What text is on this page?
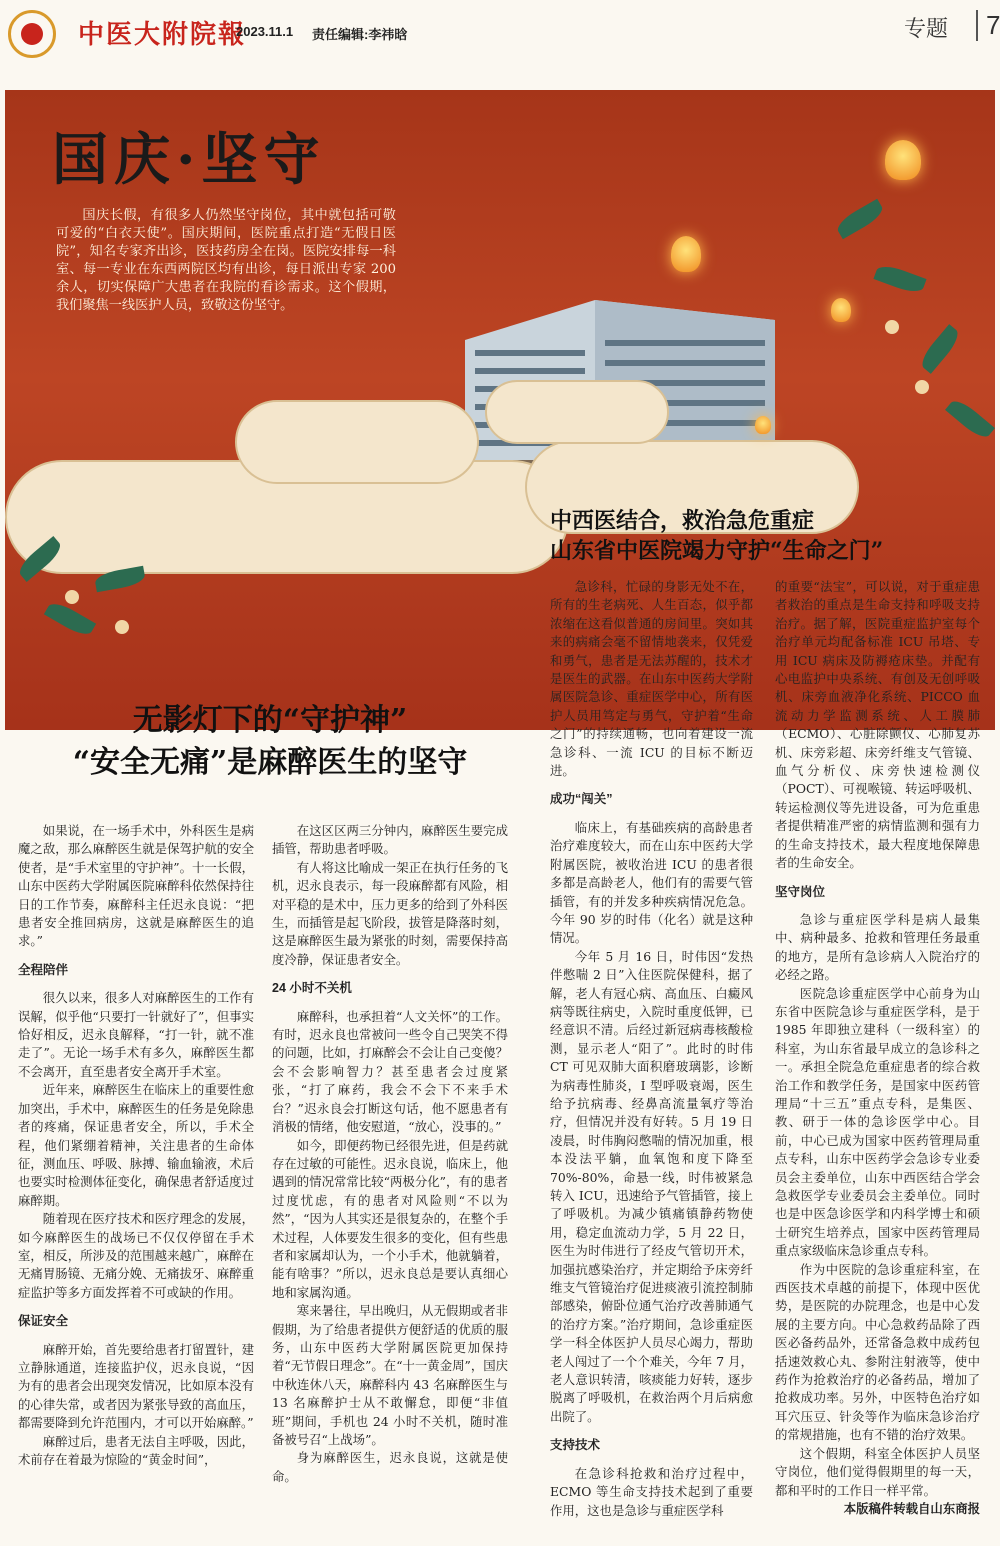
中医大附院報
2023.11.1 责任编辑:李祎晗	专题	7
国庆·坚守
国庆长假，有很多人仍然坚守岗位，其中就包括可敬可爱的“白衣天使”。国庆期间，医院重点打造“无假日医院”，知名专家齐出诊，医技药房全在岗。医院安排每一科室、每一专业在东西两院区均有出诊，每日派出专家 200 余人，切实保障广大患者在我院的看诊需求。这个假期，我们聚焦一线医护人员，致敬这份坚守。
中西医结合，救治急危重症
山东省中医院竭力守护“生命之门”
无影灯下的“守护神”
“安全无痛”是麻醉医生的坚守

如果说，在一场手术中，外科医生是病魔之敌，那么麻醉医生就是保驾护航的安全使者，是“手术室里的守护神”。十一长假，山东中医药大学附属医院麻醉科依然保持往日的工作节奏，麻醉科主任迟永良说：“把患者安全推回病房，这就是麻醉医生的追求。”

全程陪伴

很久以来，很多人对麻醉医生的工作有误解，似乎他“只要打一针就好了”，但事实恰好相反，迟永良解释，“打一针，就不准走了”。无论一场手术有多久，麻醉医生都不会离开，直至患者安全离开手术室。

近年来，麻醉医生在临床上的重要性愈加突出，手术中，麻醉医生的任务是免除患者的疼痛，保证患者安全，所以，手术全程，他们紧绷着精神，关注患者的生命体征，测血压、呼吸、脉搏、输血输液，术后也要实时检测体征变化，确保患者舒适度过麻醉期。

随着现在医疗技术和医疗理念的发展，如今麻醉医生的战场已不仅仅停留在手术室，相反，所涉及的范围越来越广，麻醉在无痛胃肠镜、无痛分娩、无痛拔牙、麻醉重症监护等多方面发挥着不可或缺的作用。

保证安全

麻醉开始，首先要给患者打留置针，建立静脉通道，连接监护仪，迟永良说，“因为有的患者会出现突发情况，比如原本没有的心律失常，或者因为紧张导致的高血压，都需要降到允许范围内，才可以开始麻醉。”

麻醉过后，患者无法自主呼吸，因此，术前存在着最为惊险的“黄金时间”，

在这区区两三分钟内，麻醉医生要完成插管，帮助患者呼吸。

有人将这比喻成一架正在执行任务的飞机，迟永良表示，每一段麻醉都有风险，相对平稳的是术中，压力更多的给到了外科医生，而插管是起飞阶段，拔管是降落时刻，这是麻醉医生最为紧张的时刻，需要保持高度冷静，保证患者安全。

24 小时不关机

麻醉科，也承担着“人文关怀”的工作。有时，迟永良也常被问一些令自己哭笑不得的问题，比如，打麻醉会不会让自己变傻？会不会影响智力？甚至患者会过度紧张，“打了麻药，我会不会下不来手术台？”迟永良会打断这句话，他不愿患者有消极的情绪，他安慰道，“放心，没事的。”

如今，即便药物已经很先进，但是药就存在过敏的可能性。迟永良说，临床上，他遇到的情况常常比较“两极分化”，有的患者过度忧虑，有的患者对风险则“不以为然”，“因为人其实还是很复杂的，在整个手术过程，人体要发生很多的变化，但有些患者和家属却认为，一个小手术，他就躺着，能有啥事？”所以，迟永良总是要认真细心地和家属沟通。

寒来暑往，早出晚归，从无假期或者非假期，为了给患者提供方便舒适的优质的服务，山东中医药大学附属医院更加保持着“无节假日理念”。在“十一黄金周”，国庆中秋连休八天，麻醉科内 43 名麻醉医生与 13 名麻醉护士从不敢懈怠，即便“非值班”期间，手机也 24 小时不关机，随时准备被号召“上战场”。

身为麻醉医生，迟永良说，这就是使命。

急诊科，忙碌的身影无处不在，所有的生老病死、人生百态，似乎都浓缩在这看似普通的房间里。突如其来的病痛会毫不留情地袭来，仅凭爱和勇气，患者是无法苏醒的，技术才是医生的武器。在山东中医药大学附属医院急诊、重症医学中心，所有医护人员用笃定与勇气，守护着“生命之门”的持续通畅，也向着建设一流急诊科、一流 ICU 的目标不断迈进。

成功“闯关”

临床上，有基础疾病的高龄患者治疗难度较大，而在山东中医药大学附属医院，被收治进 ICU 的患者很多都是高龄老人，他们有的需要气管插管，有的并发多种疾病情况危急。今年 90 岁的时伟（化名）就是这种情况。

今年 5 月 16 日，时伟因“发热伴憋喘 2 日”入住医院保健科，据了解，老人有冠心病、高血压、白癜风病等既往病史，入院时重度低钾，已经意识不清。后经过新冠病毒核酸检测，显示老人“阳了”。此时的时伟 CT 可见双肺大面积磨玻璃影，诊断为病毒性肺炎，I 型呼吸衰竭，医生给予抗病毒、经鼻高流量氧疗等治疗，但情况并没有好转。5 月 19 日凌晨，时伟胸闷憋喘的情况加重，根本没法平躺，血氧饱和度下降至 70%-80%，命悬一线，时伟被紧急转入 ICU，迅速给予气管插管，接上了呼吸机。为减少镇痛镇静药物使用，稳定血流动力学，5 月 22 日，医生为时伟进行了经皮气管切开术，加强抗感染治疗，并定期给予床旁纤维支气管镜治疗促进痰液引流控制肺部感染，俯卧位通气治疗改善肺通气的治疗方案。”治疗期间，急诊重症医学一科全体医护人员尽心竭力，帮助老人闯过了一个个难关，今年 7 月，老人意识转清，咳痰能力好转，逐步脱离了呼吸机，在救治两个月后病愈出院了。

支持技术

在急诊科抢救和治疗过程中，ECMO 等生命支持技术起到了重要作用，这也是急诊与重症医学科

的重要“法宝”，可以说，对于重症患者救治的重点是生命支持和呼吸支持治疗。据了解，医院重症监护室每个治疗单元均配备标准 ICU 吊塔、专用 ICU 病床及防褥疮床垫。并配有心电监护中央系统、有创及无创呼吸机、床旁血液净化系统、PICCO 血流动力学监测系统、人工膜肺（ECMO）、心脏除颤仪、心肺复苏机、床旁彩超、床旁纤维支气管镜、血气分析仪、床旁快速检测仪（POCT）、可视喉镜、转运呼吸机、转运检测仪等先进设备，可为危重患者提供精准严密的病情监测和强有力的生命支持技术，最大程度地保障患者的生命安全。

坚守岗位

急诊与重症医学科是病人最集中、病种最多、抢救和管理任务最重的地方，是所有急诊病人入院治疗的必经之路。

医院急诊重症医学中心前身为山东省中医院急诊与重症医学科，是于 1985 年即独立建科（一级科室）的科室，为山东省最早成立的急诊科之一。承担全院急危重症患者的综合救治工作和教学任务，是国家中医药管理局“十三五”重点专科，是集医、教、研于一体的急诊医学中心。目前，中心已成为国家中医药管理局重点专科，山东中医药学会急诊专业委员会主委单位，山东中西医结合学会急救医学专业委员会主委单位。同时也是中医急诊医学和内科学博士和硕士研究生培养点，国家中医药管理局重点家级临床急诊重点专科。

作为中医院的急诊重症科室，在西医技术卓越的前提下，体现中医优势，是医院的办院理念，也是中心发展的主要方向。中心急救药品除了西医必备药品外，还常备急救中成药包括速效救心丸、参附注射液等，使中药作为抢救治疗的必备药品，增加了抢救成功率。另外，中医特色治疗如耳穴压豆、针灸等作为临床急诊治疗的常规措施，也有不错的治疗效果。

这个假期，科室全体医护人员坚守岗位，他们觉得假期里的每一天，都和平时的工作日一样平常。

本版稿件转载自山东商报
